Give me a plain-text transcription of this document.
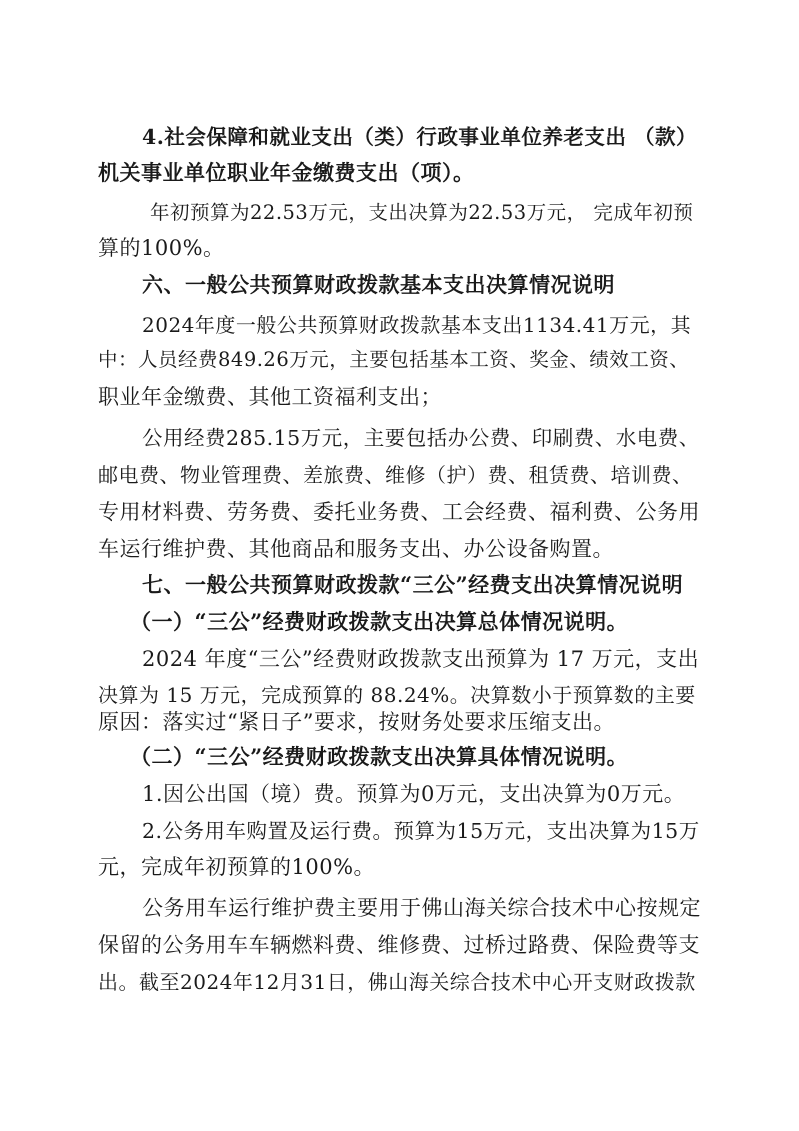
4.社会保障和就业支出（类）行政事业单位养老支出 （款）
机关事业单位职业年金缴费支出（项）。
年初预算为22.53万元，支出决算为22.53万元， 完成年初预
算的100%。
六、一般公共预算财政拨款基本支出决算情况说明
2024年度一般公共预算财政拨款基本支出1134.41万元，其
中：人员经费849.26万元，主要包括基本工资、奖金、绩效工资、
职业年金缴费、其他工资福利支出；
公用经费285.15万元，主要包括办公费、印刷费、水电费、
邮电费、物业管理费、差旅费、维修（护）费、租赁费、培训费、
专用材料费、劳务费、委托业务费、工会经费、福利费、公务用
车运行维护费、其他商品和服务支出、办公设备购置。
七、一般公共预算财政拨款“三公”经费支出决算情况说明
（一）“三公”经费财政拨款支出决算总体情况说明。
2024 年度“三公”经费财政拨款支出预算为 17 万元，支出
决算为 15 万元，完成预算的 88.24%。决算数小于预算数的主要
原因：落实过“紧日子”要求，按财务处要求压缩支出。
（二）“三公”经费财政拨款支出决算具体情况说明。
1.因公出国（境）费。预算为0万元，支出决算为0万元。
2.公务用车购置及运行费。预算为15万元，支出决算为15万
元，完成年初预算的100%。
公务用车运行维护费主要用于佛山海关综合技术中心按规定
保留的公务用车车辆燃料费、维修费、过桥过路费、保险费等支
出。截至2024年12月31日，佛山海关综合技术中心开支财政拨款
